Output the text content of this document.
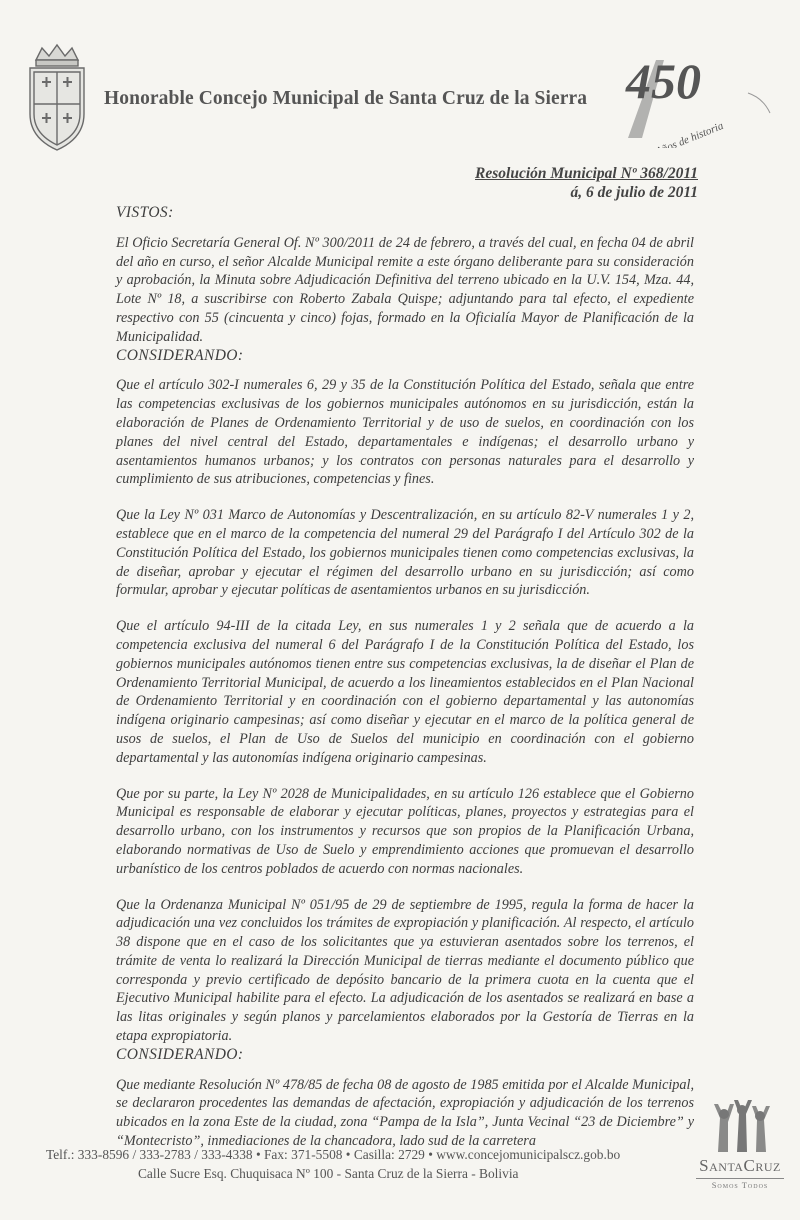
Honorable Concejo Municipal de Santa Cruz de la Sierra 450
Años de historia
Resolución Municipal Nº 368/2011
á, 6 de julio de 2011
VISTOS:

El Oficio Secretaría General Of. Nº 300/2011 de 24 de febrero, a través del cual, en fecha 04 de abril del año en curso, el señor Alcalde Municipal remite a este órgano deliberante para su consideración y aprobación, la Minuta sobre Adjudicación Definitiva del terreno ubicado en la U.V. 154, Mza. 44, Lote Nº 18, a suscribirse con Roberto Zabala Quispe; adjuntando para tal efecto, el expediente respectivo con 55 (cincuenta y cinco) fojas, formado en la Oficialía Mayor de Planificación de la Municipalidad.

CONSIDERANDO:

Que el artículo 302-I numerales 6, 29 y 35 de la Constitución Política del Estado, señala que entre las competencias exclusivas de los gobiernos municipales autónomos en su jurisdicción, están la elaboración de Planes de Ordenamiento Territorial y de uso de suelos, en coordinación con los planes del nivel central del Estado, departamentales e indígenas; el desarrollo urbano y asentamientos humanos urbanos; y los contratos con personas naturales para el desarrollo y cumplimiento de sus atribuciones, competencias y fines.

Que la Ley Nº 031 Marco de Autonomías y Descentralización, en su artículo 82-V numerales 1 y 2, establece que en el marco de la competencia del numeral 29 del Parágrafo I del Artículo 302 de la Constitución Política del Estado, los gobiernos municipales tienen como competencias exclusivas, la de diseñar, aprobar y ejecutar el régimen del desarrollo urbano en su jurisdicción; así como formular, aprobar y ejecutar políticas de asentamientos urbanos en su jurisdicción.

Que el artículo 94-III de la citada Ley, en sus numerales 1 y 2 señala que de acuerdo a la competencia exclusiva del numeral 6 del Parágrafo I de la Constitución Política del Estado, los gobiernos municipales autónomos tienen entre sus competencias exclusivas, la de diseñar el Plan de Ordenamiento Territorial Municipal, de acuerdo a los lineamientos establecidos en el Plan Nacional de Ordenamiento Territorial y en coordinación con el gobierno departamental y las autonomías indígena originario campesinas; así como diseñar y ejecutar en el marco de la política general de usos de suelos, el Plan de Uso de Suelos del municipio en coordinación con el gobierno departamental y las autonomías indígena originario campesinas.

Que por su parte, la Ley Nº 2028 de Municipalidades, en su artículo 126 establece que el Gobierno Municipal es responsable de elaborar y ejecutar políticas, planes, proyectos y estrategias para el desarrollo urbano, con los instrumentos y recursos que son propios de la Planificación Urbana, elaborando normativas de Uso de Suelo y emprendimiento acciones que promuevan el desarrollo urbanístico de los centros poblados de acuerdo con normas nacionales.

Que la Ordenanza Municipal Nº 051/95 de 29 de septiembre de 1995, regula la forma de hacer la adjudicación una vez concluidos los trámites de expropiación y planificación. Al respecto, el artículo 38 dispone que en el caso de los solicitantes que ya estuvieran asentados sobre los terrenos, el trámite de venta lo realizará la Dirección Municipal de tierras mediante el documento público que corresponda y previo certificado de depósito bancario de la primera cuota en la cuenta que el Ejecutivo Municipal habilite para el efecto. La adjudicación de los asentados se realizará en base a las litas originales y según planos y parcelamientos elaborados por la Gestoría de Tierras en la etapa expropiatoria.

CONSIDERANDO:

Que mediante Resolución Nº 478/85 de fecha 08 de agosto de 1985 emitida por el Alcalde Municipal, se declararon procedentes las demandas de afectación, expropiación y adjudicación de los terrenos ubicados en la zona Este de la ciudad, zona “Pampa de la Isla”, Junta Vecinal “23 de Diciembre” y “Montecristo”, inmediaciones de la chancadora, lado sud de la carretera

Telf.: 333-8596 / 333-2783 / 333-4338 • Fax: 371-5508 • Casilla: 2729 • www.concejomunicipalscz.gob.bo
Calle Sucre Esq. Chuquisaca Nº 100 - Santa Cruz de la Sierra - Bolivia	SantaCruz
Somos Todos
